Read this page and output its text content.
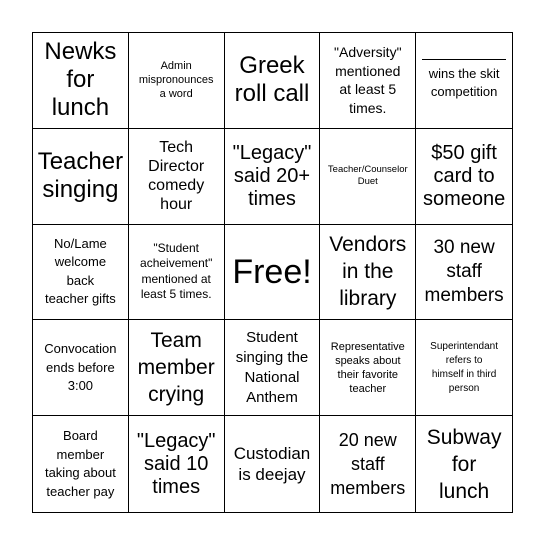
Newks
for
lunch
Admin
mispronounces
a word
Greek
roll call
"Adversity"
mentioned
at least 5
times.
wins the skit
competition
Teacher
singing
Tech
Director
comedy
hour
"Legacy"
said 20+
times
Teacher/Counselor
Duet
$50 gift
card to
someone
No/Lame
welcome
back
teacher gifts
"Student
acheivement"
mentioned at
least 5 times.
Free!
Vendors
in the
library
30 new
staff
members
Convocation
ends before
3:00
Team
member
crying
Student
singing the
National
Anthem
Representative
speaks about
their favorite
teacher
Superintendant
refers to
himself in third
person
Board
member
taking about
teacher pay
"Legacy"
said 10
times
Custodian
is deejay
20 new
staff
members
Subway
for
lunch
